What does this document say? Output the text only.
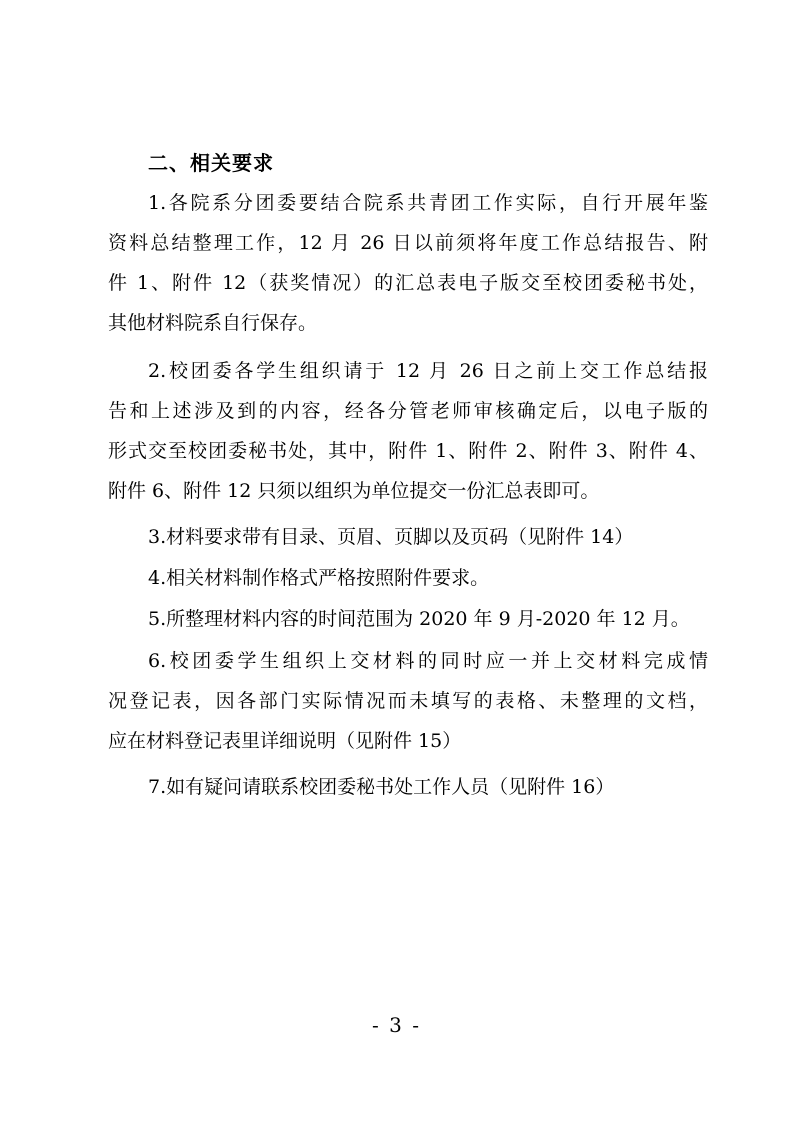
二、相关要求
1.各院系分团委要结合院系共青团工作实际，自行开展年鉴
资料总结整理工作，12 月 26 日以前须将年度工作总结报告、附
件 1、附件 12（获奖情况）的汇总表电子版交至校团委秘书处，
其他材料院系自行保存。
2.校团委各学生组织请于 12 月 26 日之前上交工作总结报
告和上述涉及到的内容，经各分管老师审核确定后，以电子版的
形式交至校团委秘书处，其中，附件 1、附件 2、附件 3、附件 4、
附件 6、附件 12 只须以组织为单位提交一份汇总表即可。
3.材料要求带有目录、页眉、页脚以及页码（见附件 14）
4.相关材料制作格式严格按照附件要求。
5.所整理材料内容的时间范围为 2020 年 9 月-2020 年 12 月。
6.校团委学生组织上交材料的同时应一并上交材料完成情
况登记表，因各部门实际情况而未填写的表格、未整理的文档，
应在材料登记表里详细说明（见附件 15）
7.如有疑问请联系校团委秘书处工作人员（见附件 16）
- 3 -
